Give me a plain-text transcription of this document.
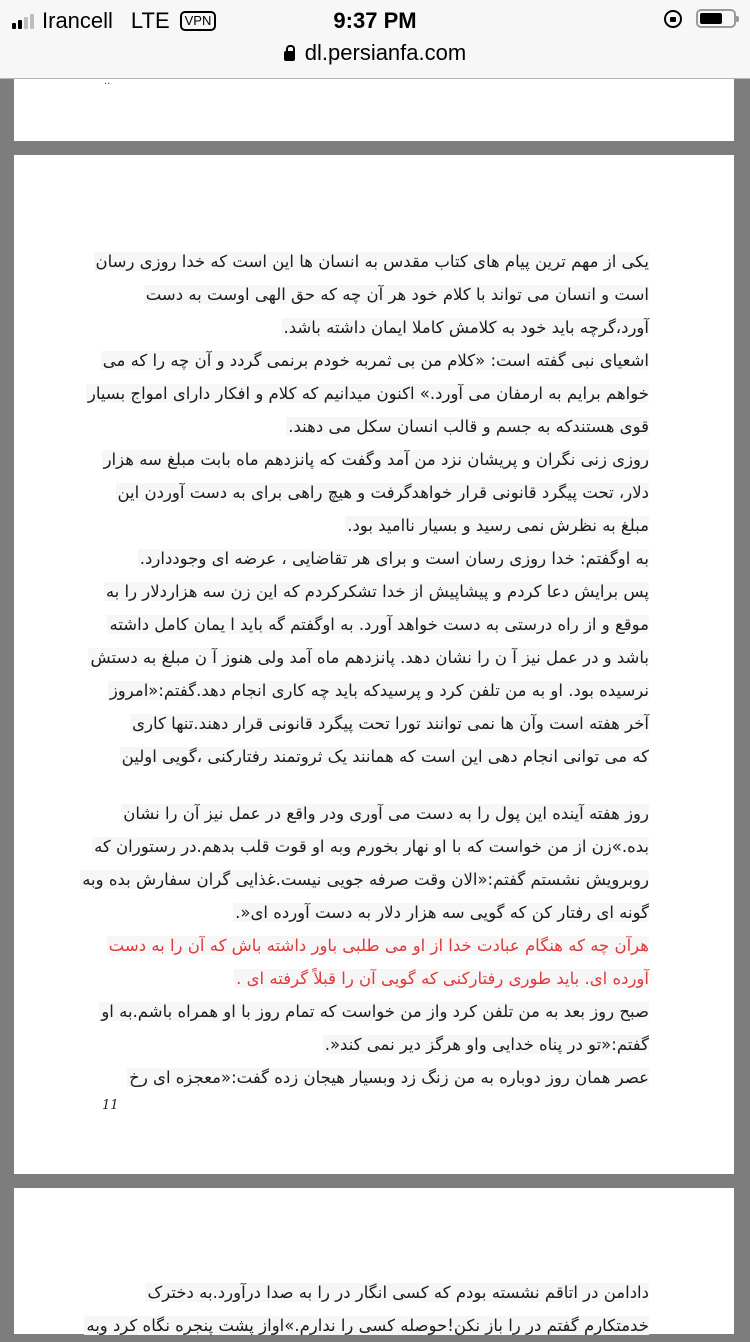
Irancell LTE	VPN	9:37 PM
dl.persianfa.com
··
یکی از مهم ترین پیام های کتاب مقدس به انسان ها این است که خدا روزی رسان
است و انسان می تواند با کلام خود هر آن چه که حق الهی اوست به دست
آورد،گرچه باید خود به کلامش کاملا ایمان داشته باشد.
اشعیای نبی گفته است: «کلام من بی ثمربه خودم برنمی گردد و آن چه را که می
خواهم برایم به ارمفان می آورد.» اکنون میدانیم که کلام و افکار دارای امواج بسیار
قوی هستندکه به جسم و قالب انسان سکل می دهند.
روزی زنی نگران و پریشان نزد من آمد وگفت که پانزدهم ماه بابت مبلغ سه هزار
دلار، تحت پیگرد قانونی قرار خواهدگرفت و هیچ راهی برای به دست آوردن این
مبلغ به نظرش نمی رسید و بسیار ناامید بود.
به اوگفتم: خدا روزی رسان است و برای هر تقاضایی ، عرضه ای وجوددارد.
پس برایش دعا کردم و پیشاپیش از خدا تشکرکردم که این زن سه هزاردلار را به
موقع و از راه درستی به دست خواهد آورد. به اوگفتم گه باید ا یمان کامل داشته
باشد و در عمل نیز آ ن را نشان دهد. پانزدهم ماه آمد ولی هنوز آ ن مبلغ به دستش
نرسیده بود. او به من تلفن کرد و پرسیدکه باید چه کاری انجام دهد.گفتم:«امروز
آخر هفته است وآن ها نمی توانند تورا تحت پیگرد قانونی قرار دهند.تنها کاری
که می توانی انجام دهی این است که همانند یک ثروتمند رفتارکنی ،گویی اولین
روز هفته آینده این پول را به دست می آوری ودر واقع در عمل نیز آن را نشان
بده.»زن از من خواست که با او نهار بخورم وبه او قوت قلب بدهم.در رستوران که
روبرویش نشستم گفتم:«الان وقت صرفه جویی نیست.غذایی گران سفارش بده وبه
گونه ای رفتار کن که گویی سه هزار دلار به دست آورده ای«.
هرآن چه که هنگام عبادت خدا از او می طلبی باور داشته باش که آن را به دست
آورده ای. باید طوری رفتارکنی که گویی آن را قبلاً گرفته ای .
صبح روز بعد به من تلفن کرد واز من خواست که تمام روز با او همراه باشم.به او
گفتم:«تو در پناه خدایی واو هرگز دیر نمی کند«.
عصر همان روز دوباره به من زنگ زد وبسیار هیجان زده گفت:«معجزه ای رخ
11
دادامن در اتاقم نشسته بودم که کسی انگار در را به صدا درآورد.به دخترک
خدمتکارم گفتم در را باز نکن!حوصله کسی را ندارم.»اواز پشت پنجره نگاه کرد وبه
